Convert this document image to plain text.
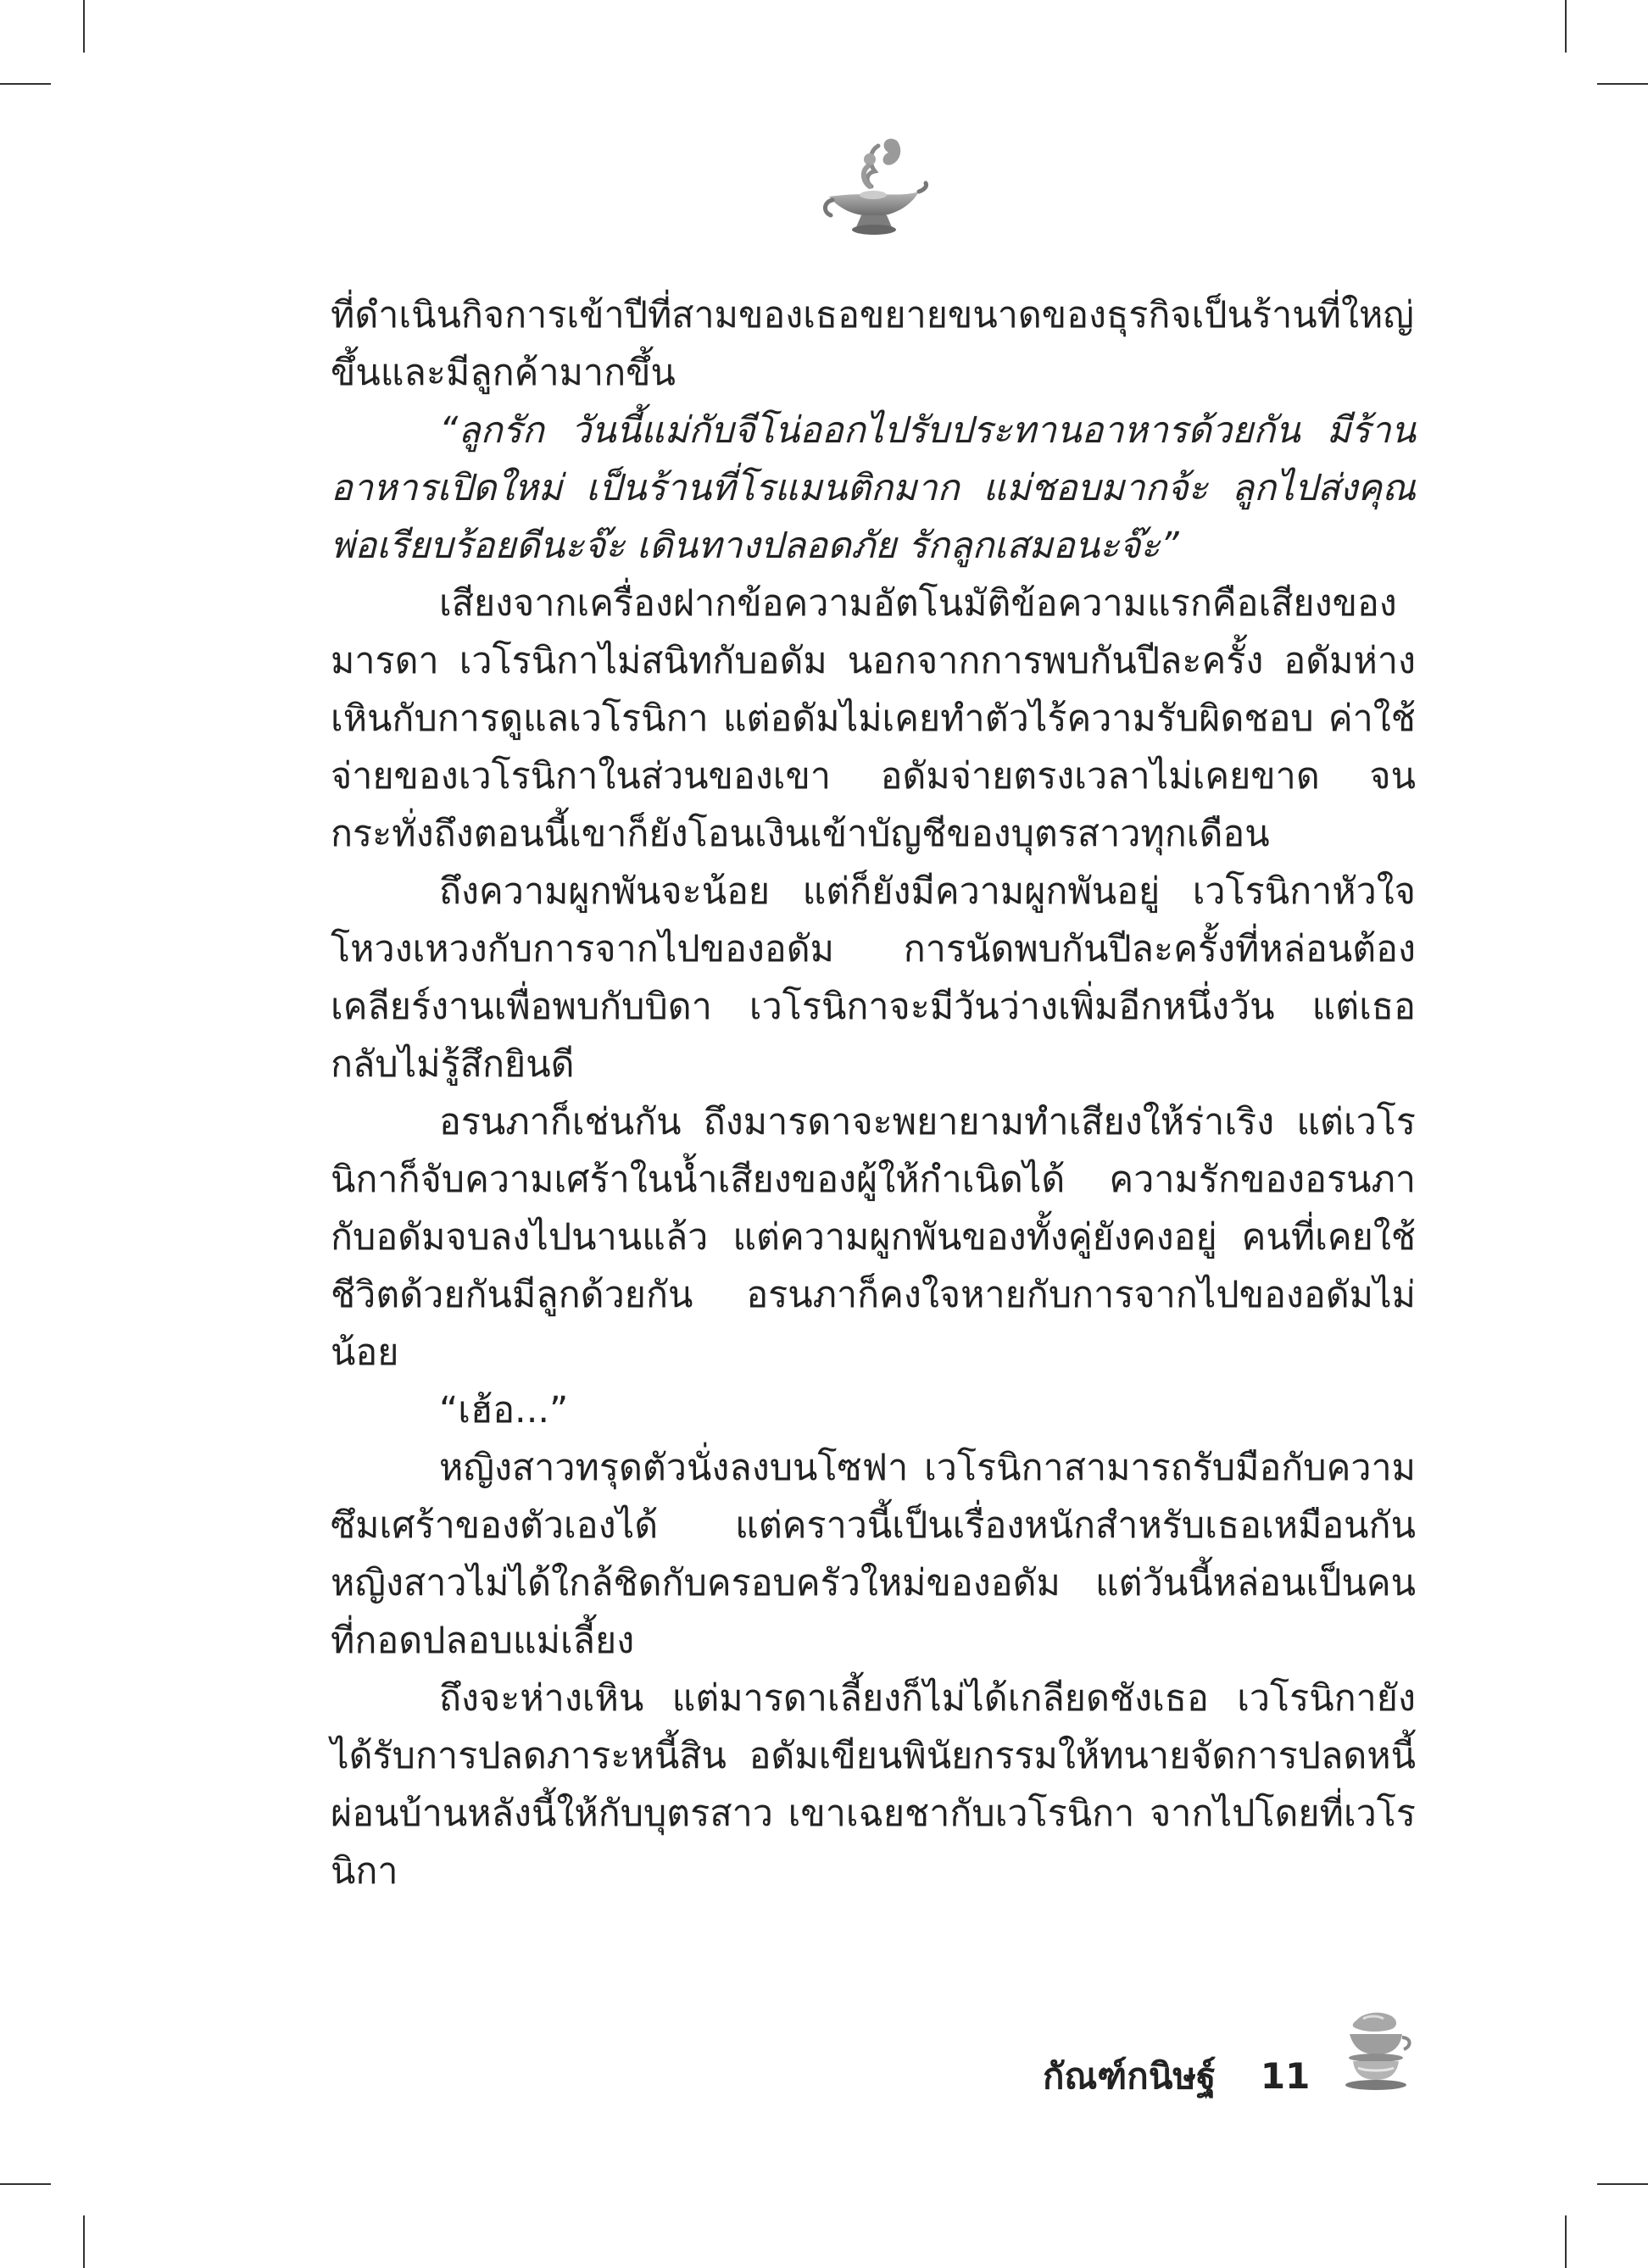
ที่ดำเนินกิจการเข้าปีที่สามของเธอขยายขนาดของธุรกิจเป็นร้านที่ใหญ่ขึ้นและมีลูกค้ามากขึ้น

“ลูกรัก วันนี้แม่กับจีโน่ออกไปรับประทานอาหารด้วยกัน มีร้านอาหารเปิดใหม่ เป็นร้านที่โรแมนติกมาก แม่ชอบมากจ้ะ ลูกไปส่งคุณพ่อเรียบร้อยดีนะจ๊ะ เดินทางปลอดภัย รักลูกเสมอนะจ๊ะ”

เสียงจากเครื่องฝากข้อความอัตโนมัติข้อความแรกคือเสียงของมารดา เวโรนิกาไม่สนิทกับอดัม นอกจากการพบกันปีละครั้ง อดัมห่างเหินกับการดูแลเวโรนิกา แต่อดัมไม่เคยทำตัวไร้ความรับผิดชอบ ค่าใช้จ่ายของเวโรนิกาในส่วนของเขา อดัมจ่ายตรงเวลาไม่เคยขาด จนกระทั่งถึงตอนนี้เขาก็ยังโอนเงินเข้าบัญชีของบุตรสาวทุกเดือน

ถึงความผูกพันจะน้อย แต่ก็ยังมีความผูกพันอยู่ เวโรนิกาหัวใจโหวงเหวงกับการจากไปของอดัม การนัดพบกันปีละครั้งที่หล่อนต้องเคลียร์งานเพื่อพบกับบิดา เวโรนิกาจะมีวันว่างเพิ่มอีกหนึ่งวัน แต่เธอกลับไม่รู้สึกยินดี

อรนภาก็เช่นกัน ถึงมารดาจะพยายามทำเสียงให้ร่าเริง แต่เวโรนิกาก็จับความเศร้าในน้ำเสียงของผู้ให้กำเนิดได้ ความรักของอรนภากับอดัมจบลงไปนานแล้ว แต่ความผูกพันของทั้งคู่ยังคงอยู่ คนที่เคยใช้ชีวิตด้วยกันมีลูกด้วยกัน อรนภาก็คงใจหายกับการจากไปของอดัมไม่น้อย

“เฮ้อ...”

หญิงสาวทรุดตัวนั่งลงบนโซฟา เวโรนิกาสามารถรับมือกับความซึมเศร้าของตัวเองได้ แต่คราวนี้เป็นเรื่องหนักสำหรับเธอเหมือนกัน หญิงสาวไม่ได้ใกล้ชิดกับครอบครัวใหม่ของอดัม แต่วันนี้หล่อนเป็นคนที่กอดปลอบแม่เลี้ยง

ถึงจะห่างเหิน แต่มารดาเลี้ยงก็ไม่ได้เกลียดชังเธอ เวโรนิกายังได้รับการปลดภาระหนี้สิน อดัมเขียนพินัยกรรมให้ทนายจัดการปลดหนี้ผ่อนบ้านหลังนี้ให้กับบุตรสาว เขาเฉยชากับเวโรนิกา จากไปโดยที่เวโรนิกา

กัณฑ์กนิษฐ์ 11
